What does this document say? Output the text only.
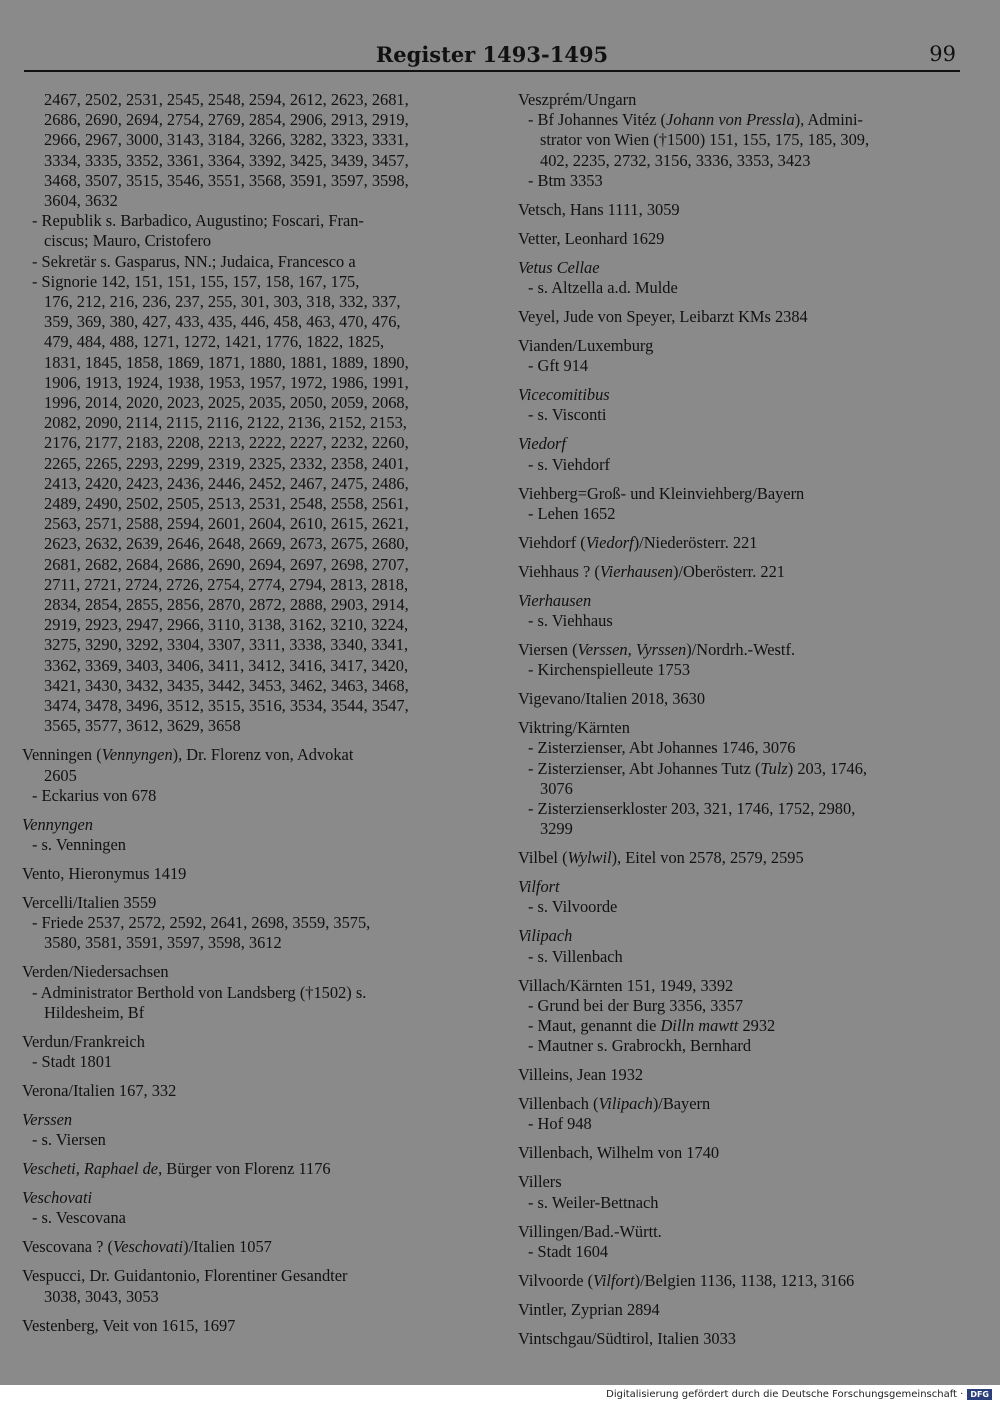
Register 1493-1495	99
2467, 2502, 2531, 2545, 2548, 2594, 2612, 2623, 2681,
2686, 2690, 2694, 2754, 2769, 2854, 2906, 2913, 2919,
2966, 2967, 3000, 3143, 3184, 3266, 3282, 3323, 3331,
3334, 3335, 3352, 3361, 3364, 3392, 3425, 3439, 3457,
3468, 3507, 3515, 3546, 3551, 3568, 3591, 3597, 3598,
3604, 3632
- Republik s. Barbadico, Augustino; Foscari, Fran-
ciscus; Mauro, Cristofero
- Sekretär s. Gasparus, NN.; Judaica, Francesco a
- Signorie 142, 151, 151, 155, 157, 158, 167, 175,
176, 212, 216, 236, 237, 255, 301, 303, 318, 332, 337,
359, 369, 380, 427, 433, 435, 446, 458, 463, 470, 476,
479, 484, 488, 1271, 1272, 1421, 1776, 1822, 1825,
1831, 1845, 1858, 1869, 1871, 1880, 1881, 1889, 1890,
1906, 1913, 1924, 1938, 1953, 1957, 1972, 1986, 1991,
1996, 2014, 2020, 2023, 2025, 2035, 2050, 2059, 2068,
2082, 2090, 2114, 2115, 2116, 2122, 2136, 2152, 2153,
2176, 2177, 2183, 2208, 2213, 2222, 2227, 2232, 2260,
2265, 2265, 2293, 2299, 2319, 2325, 2332, 2358, 2401,
2413, 2420, 2423, 2436, 2446, 2452, 2467, 2475, 2486,
2489, 2490, 2502, 2505, 2513, 2531, 2548, 2558, 2561,
2563, 2571, 2588, 2594, 2601, 2604, 2610, 2615, 2621,
2623, 2632, 2639, 2646, 2648, 2669, 2673, 2675, 2680,
2681, 2682, 2684, 2686, 2690, 2694, 2697, 2698, 2707,
2711, 2721, 2724, 2726, 2754, 2774, 2794, 2813, 2818,
2834, 2854, 2855, 2856, 2870, 2872, 2888, 2903, 2914,
2919, 2923, 2947, 2966, 3110, 3138, 3162, 3210, 3224,
3275, 3290, 3292, 3304, 3307, 3311, 3338, 3340, 3341,
3362, 3369, 3403, 3406, 3411, 3412, 3416, 3417, 3420,
3421, 3430, 3432, 3435, 3442, 3453, 3462, 3463, 3468,
3474, 3478, 3496, 3512, 3515, 3516, 3534, 3544, 3547,
3565, 3577, 3612, 3629, 3658
Venningen (Vennyngen), Dr. Florenz von, Advokat
2605
- Eckarius von 678
Vennyngen
- s. Venningen
Vento, Hieronymus 1419
Vercelli/Italien 3559
- Friede 2537, 2572, 2592, 2641, 2698, 3559, 3575,
3580, 3581, 3591, 3597, 3598, 3612
Verden/Niedersachsen
- Administrator Berthold von Landsberg (†1502) s.
Hildesheim, Bf
Verdun/Frankreich
- Stadt 1801
Verona/Italien 167, 332
Verssen
- s. Viersen
Vescheti, Raphael de, Bürger von Florenz 1176
Veschovati
- s. Vescovana
Vescovana ? (Veschovati)/Italien 1057
Vespucci, Dr. Guidantonio, Florentiner Gesandter
3038, 3043, 3053
Vestenberg, Veit von 1615, 1697
Veszprém/Ungarn
- Bf Johannes Vitéz (Johann von Pressla), Admini-
strator von Wien (†1500) 151, 155, 175, 185, 309,
402, 2235, 2732, 3156, 3336, 3353, 3423
- Btm 3353
Vetsch, Hans 1111, 3059
Vetter, Leonhard 1629
Vetus Cellae
- s. Altzella a.d. Mulde
Veyel, Jude von Speyer, Leibarzt KMs 2384
Vianden/Luxemburg
- Gft 914
Vicecomitibus
- s. Visconti
Viedorf
- s. Viehdorf
Viehberg=Groß- und Kleinviehberg/Bayern
- Lehen 1652
Viehdorf (Viedorf)/Niederösterr. 221
Viehhaus ? (Vierhausen)/Oberösterr. 221
Vierhausen
- s. Viehhaus
Viersen (Verssen, Vyrssen)/Nordrh.-Westf.
- Kirchenspielleute 1753
Vigevano/Italien 2018, 3630
Viktring/Kärnten
- Zisterzienser, Abt Johannes 1746, 3076
- Zisterzienser, Abt Johannes Tutz (Tulz) 203, 1746,
3076
- Zisterzienserkloster 203, 321, 1746, 1752, 2980,
3299
Vilbel (Wylwil), Eitel von 2578, 2579, 2595
Vilfort
- s. Vilvoorde
Vilipach
- s. Villenbach
Villach/Kärnten 151, 1949, 3392
- Grund bei der Burg 3356, 3357
- Maut, genannt die Dilln mawtt 2932
- Mautner s. Grabrockh, Bernhard
Villeins, Jean 1932
Villenbach (Vilipach)/Bayern
- Hof 948
Villenbach, Wilhelm von 1740
Villers
- s. Weiler-Bettnach
Villingen/Bad.-Württ.
- Stadt 1604
Vilvoorde (Vilfort)/Belgien 1136, 1138, 1213, 3166
Vintler, Zyprian 2894
Vintschgau/Südtirol, Italien 3033
Digitalisierung gefördert durch die Deutsche Forschungsgemeinschaft · DFG
